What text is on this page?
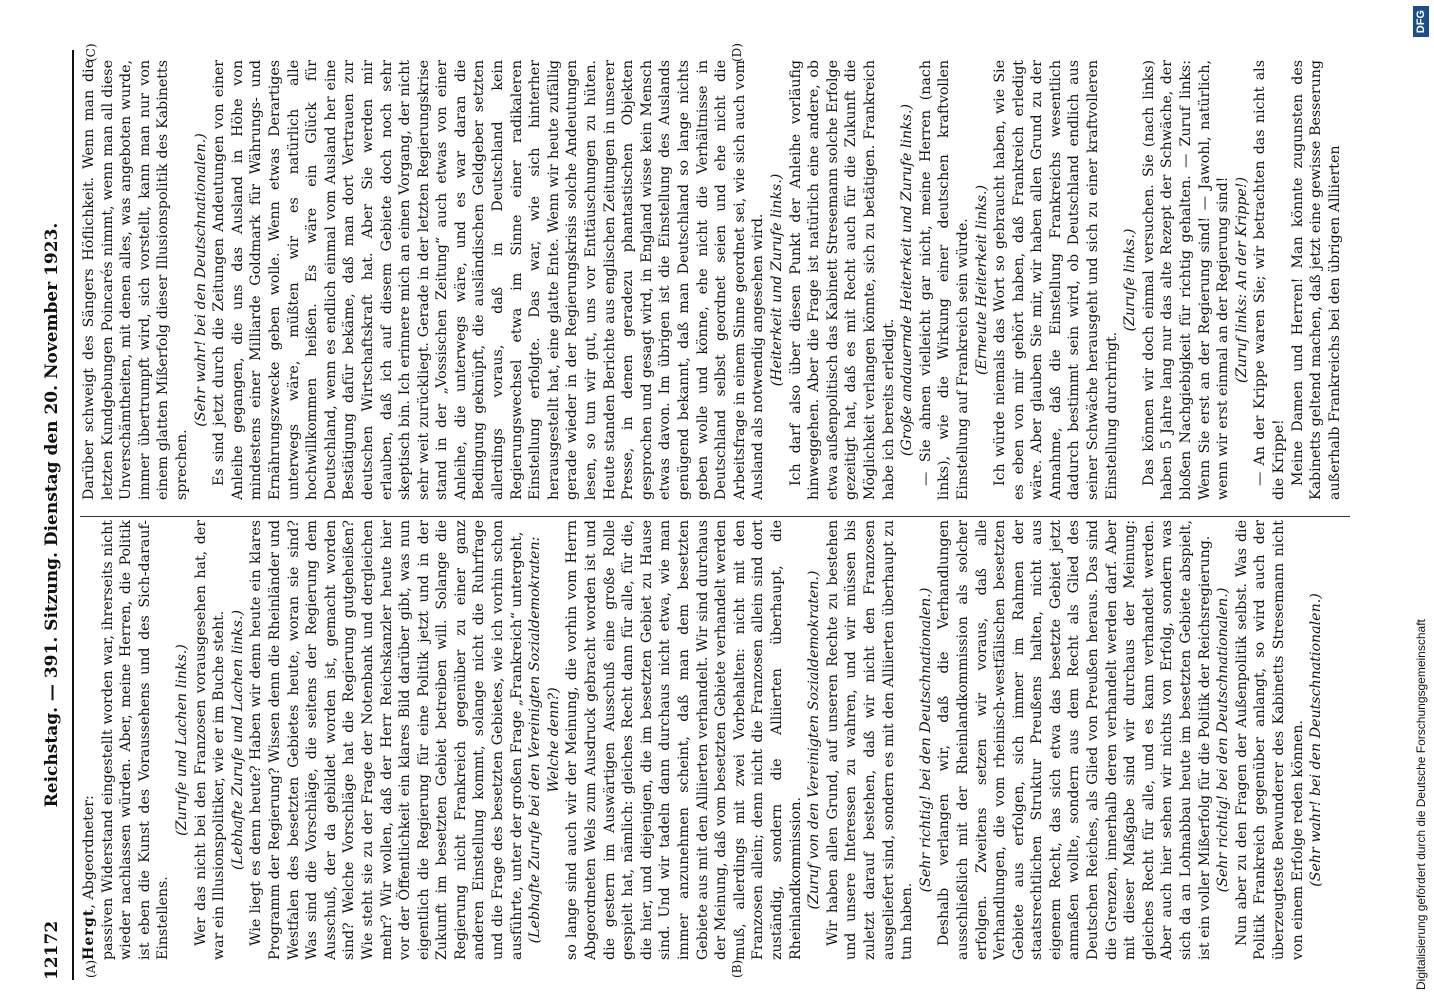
12172
Reichstag. — 391. Sitzung. Dienstag den 20. November 1923.
(A)	(B)
(C)	(D)

Hergt, Abgeordneter: passiven Widerstand eingestellt worden war, ihrerseits nicht wieder nachlassen würden. Aber, meine Herren, die Politik ist eben die Kunst des Voraussehens und des Sich-darauf-Einstellens.

(Zurufe und Lachen links.) Wer das nicht bei den Franzosen vorausgesehen hat, der war ein Illusionspolitiker, wie er im Buche steht. (Lebhafte Zurufe und Lachen links.) Wie liegt es denn heute? Haben wir denn heute ein klares Programm der Regierung? Wissen denn die Rheinländer und Westfalen des besetzten Gebietes heute, woran sie sind? Was sind die Vorschläge, die seitens der Regierung dem Ausschuß, der da gebildet worden ist, gemacht worden sind? Welche Vorschläge hat die Regierung gutgeheißen? Wie steht sie zu der Frage der Notenbank und dergleichen mehr? Wir wollen, daß der Herr Reichskanzler heute hier vor der Öffentlichkeit ein klares Bild darüber gibt, was nun eigentlich die Regierung für eine Politik jetzt und in der Zukunft im besetzten Gebiet betreiben will. Solange die Regierung nicht Frankreich gegenüber zu einer ganz anderen Einstellung kommt, solange nicht die Ruhrfrage und die Frage des besetzten Gebietes, wie ich vorhin schon ausführte, unter der großen Frage „Frankreich“ untergeht, (Lebhafte Zurufe bei den Vereinigten Sozialdemokraten: Welche denn?) so lange sind auch wir der Meinung, die vorhin vom Herrn Abgeordneten Wels zum Ausdruck gebracht worden ist und die gestern im Auswärtigen Ausschuß eine große Rolle gespielt hat, nämlich: gleiches Recht dann für alle, für die, die hier, und diejenigen, die im besetzten Gebiet zu Hause sind. Und wir tadeln dann durchaus nicht etwa, wie man immer anzunehmen scheint, daß man dem besetzten Gebiete aus mit den Alliierten verhandelt. Wir sind durchaus der Meinung, daß vom besetzten Gebiete verhandelt werden muß, allerdings mit zwei Vorbehalten: nicht mit den Franzosen allein; denn nicht die Franzosen allein sind dort zuständig, sondern die Alliierten überhaupt, die Rheinlandkommission. (Zuruf von den Vereinigten Sozialdemokraten.) Wir haben allen Grund, auf unseren Rechte zu bestehen und unsere Interessen zu wahren, und wir müssen bis zuletzt darauf bestehen, daß wir nicht den Franzosen ausgeliefert sind, sondern es mit den Alliierten überhaupt zu tun haben.

(Sehr richtig! bei den Deutschnationalen.) Deshalb verlangen wir, daß die Verhandlungen ausschließlich mit der Rheinlandkommission als solcher erfolgen. Zweitens setzen wir voraus, daß alle Verhandlungen, die vom rheinisch-westfälischen besetzten Gebiete aus erfolgen, sich immer im Rahmen der staatsrechtlichen Struktur Preußens halten, nicht aus eigenem Recht, das sich etwa das besetzte Gebiet jetzt anmaßen wollte, sondern aus dem Recht als Glied des Deutschen Reiches, als Glied von Preußen heraus. Das sind die Grenzen, innerhalb deren verhandelt werden darf. Aber mit dieser Maßgabe sind wir durchaus der Meinung: gleiches Recht für alle, und es kann verhandelt werden. Aber auch hier sehen wir nichts von Erfolg, sondern was sich da an Lohnabbau heute im besetzten Gebiete abspielt, ist ein voller Mißerfolg für die Politik der Reichsregierung. (Sehr richtig! bei den Deutschnationalen.) Nun aber zu den Fragen der Außenpolitik selbst. Was die Politik Frankreich gegenüber anlangt, so wird auch der überzeugteste Bewunderer des Kabinetts Stresemann nicht von einem Erfolge reden können. (Sehr wahr! bei den Deutschnationalen.)

Darüber schweigt des Sängers Höflichkeit. Wenn man die letzten Kundgebungen Poincarés nimmt, wenn man all diese Unverschämtheiten, mit denen alles, was angeboten wurde, immer übertrumpft wird, sich vorstellt, kann man nur von einem glatten Mißerfolg dieser Illusionspolitik des Kabinetts sprechen.

(Sehr wahr! bei den Deutschnationalen.) Es sind jetzt durch die Zeitungen Andeutungen von einer Anleihe gegangen, die uns das Ausland in Höhe von mindestens einer Milliarde Goldmark für Währungs- und Ernährungszwecke geben wolle. Wenn etwas Derartiges unterwegs wäre, müßten wir es natürlich alle hochwillkommen heißen. Es wäre ein Glück für Deutschland, wenn es endlich einmal vom Ausland her eine Bestätigung dafür bekäme, daß man dort Vertrauen zur deutschen Wirtschaftskraft hat. Aber Sie werden mir erlauben, daß ich auf diesem Gebiete doch noch sehr skeptisch bin. Ich erinnere mich an einen Vorgang, der nicht sehr weit zurückliegt. Gerade in der letzten Regierungskrise stand in der „Vossischen Zeitung“ auch etwas von einer Anleihe, die unterwegs wäre, und es war daran die Bedingung geknüpft, die ausländischen Geldgeber setzten allerdings voraus, daß in Deutschland kein Regierungswechsel etwa im Sinne einer radikaleren Einstellung erfolgte. Das war, wie sich hinterher herausgestellt hat, eine glatte Ente. Wenn wir heute zufällig gerade wieder in der Regierungskrisis solche Andeutungen lesen, so tun wir gut, uns vor Enttäuschungen zu hüten. Heute standen Berichte aus englischen Zeitungen in unserer Presse, in denen geradezu phantastischen Objekten gesprochen und gesagt wird, in England wisse kein Mensch etwas davon. Im übrigen ist die Einstellung des Auslands genügend bekannt, daß man Deutschland so lange nichts geben wolle und könne, ehe nicht die Verhältnisse in Deutschland selbst geordnet seien und ehe nicht die Arbeitsfrage in einem Sinne geordnet sei, wie sich auch vom Ausland als notwendig angesehen wird. (Heiterkeit und Zurufe links.) Ich darf also über diesen Punkt der Anleihe vorläufig hinweggehen. Aber die Frage ist natürlich eine andere, ob etwa außenpolitisch das Kabinett Stresemann solche Erfolge gezeitigt hat, daß es mit Recht auch für die Zukunft die Möglichkeit verlangen könnte, sich zu betätigen. Frankreich habe ich bereits erledigt. (Große andauernde Heiterkeit und Zurufe links.) — Sie ahnen vielleicht gar nicht, meine Herren (nach links), wie die Wirkung einer deutschen kraftvollen Einstellung auf Frankreich sein würde. (Erneute Heiterkeit links.) Ich würde niemals das Wort so gebraucht haben, wie Sie es eben von mir gehört haben, daß Frankreich erledigt wäre. Aber glauben Sie mir, wir haben allen Grund zu der Annahme, daß die Einstellung Frankreichs wesentlich dadurch bestimmt sein wird, ob Deutschland endlich aus seiner Schwäche herausgeht und sich zu einer kraftvolleren Einstellung durchringt.

(Zurufe links.) Das können wir doch einmal versuchen. Sie (nach links) haben 5 Jahre lang nur das alte Rezept der Schwäche, der bloßen Nachgiebigkeit für richtig gehalten. — Zuruf links: Wenn Sie erst an der Regierung sind! — Jawohl, natürlich, wenn wir erst einmal an der Regierung sind! (Zuruf links: An der Krippe!) — An der Krippe waren Sie; wir betrachten das nicht als die Krippe! Meine Damen und Herren! Man könnte zugunsten des Kabinetts geltend machen, daß jetzt eine gewisse Besserung außerhalb Frankreichs bei den übrigen Alliierten

Digitalisierung gefördert durch die Deutsche Forschungsgemeinschaft
DFG
